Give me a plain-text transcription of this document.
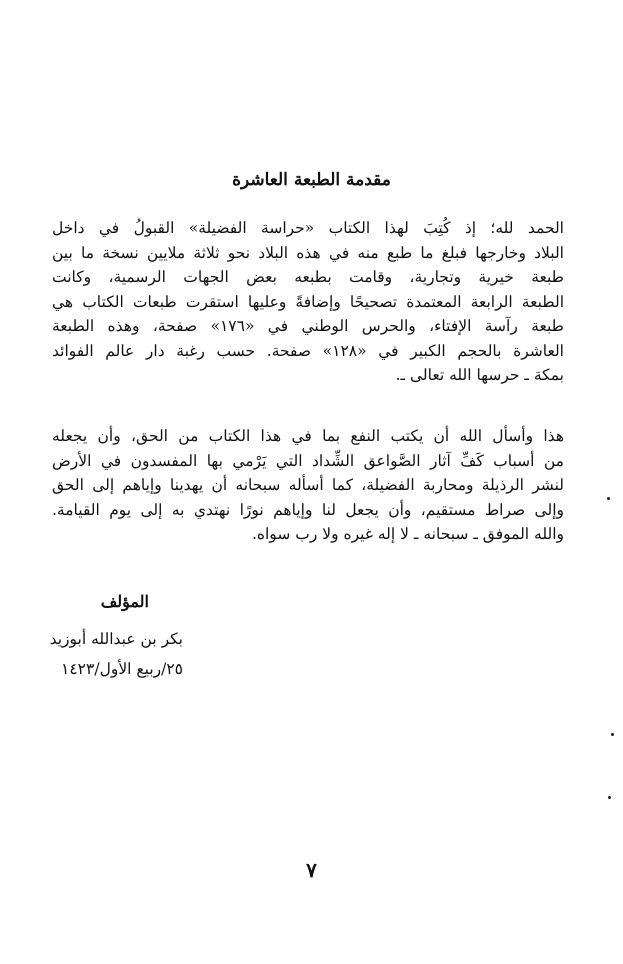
مقدمة الطبعة العاشرة
الحمد لله؛ إذ كُتِبَ لهذا الكتاب «حراسة الفضيلة» القبولُ في داخل
البلاد وخارجها فبلغ ما طبع منه في هذه البلاد نحو ثلاثة ملايين نسخة ما بين
طبعة خيرية وتجارية، وقامت بطبعه بعض الجهات الرسمية، وكانت
الطبعة الرابعة المعتمدة تصحيحًا وإضافةً وعليها استقرت طبعات الكتاب هي
طبعة رآسة الإفتاء، والحرس الوطني في «١٧٦» صفحة، وهذه الطبعة
العاشرة بالحجم الكبير في «١٢٨» صفحة. حسب رغبة دار عالم الفوائد
بمكة ـ حرسها الله تعالى ـ.
هذا وأسأل الله أن يكتب النفع بما في هذا الكتاب من الحق، وأن يجعله
من أسباب كَفِّ آثار الصَّواعق الشِّداد التي يَرْمي بها المفسدون في الأرض
لنشر الرذيلة ومحاربة الفضيلة، كما أسأله سبحانه أن يهدينا وإياهم إلى الحق
وإلى صراط مستقيم، وأن يجعل لنا وإياهم نورًا نهتدي به إلى يوم القيامة.
والله الموفق ـ سبحانه ـ لا إله غيره ولا رب سواه.
المؤلف
بكر بن عبدالله أبوزيد
٢٥/ربيع الأول/١٤٢٣
٧
